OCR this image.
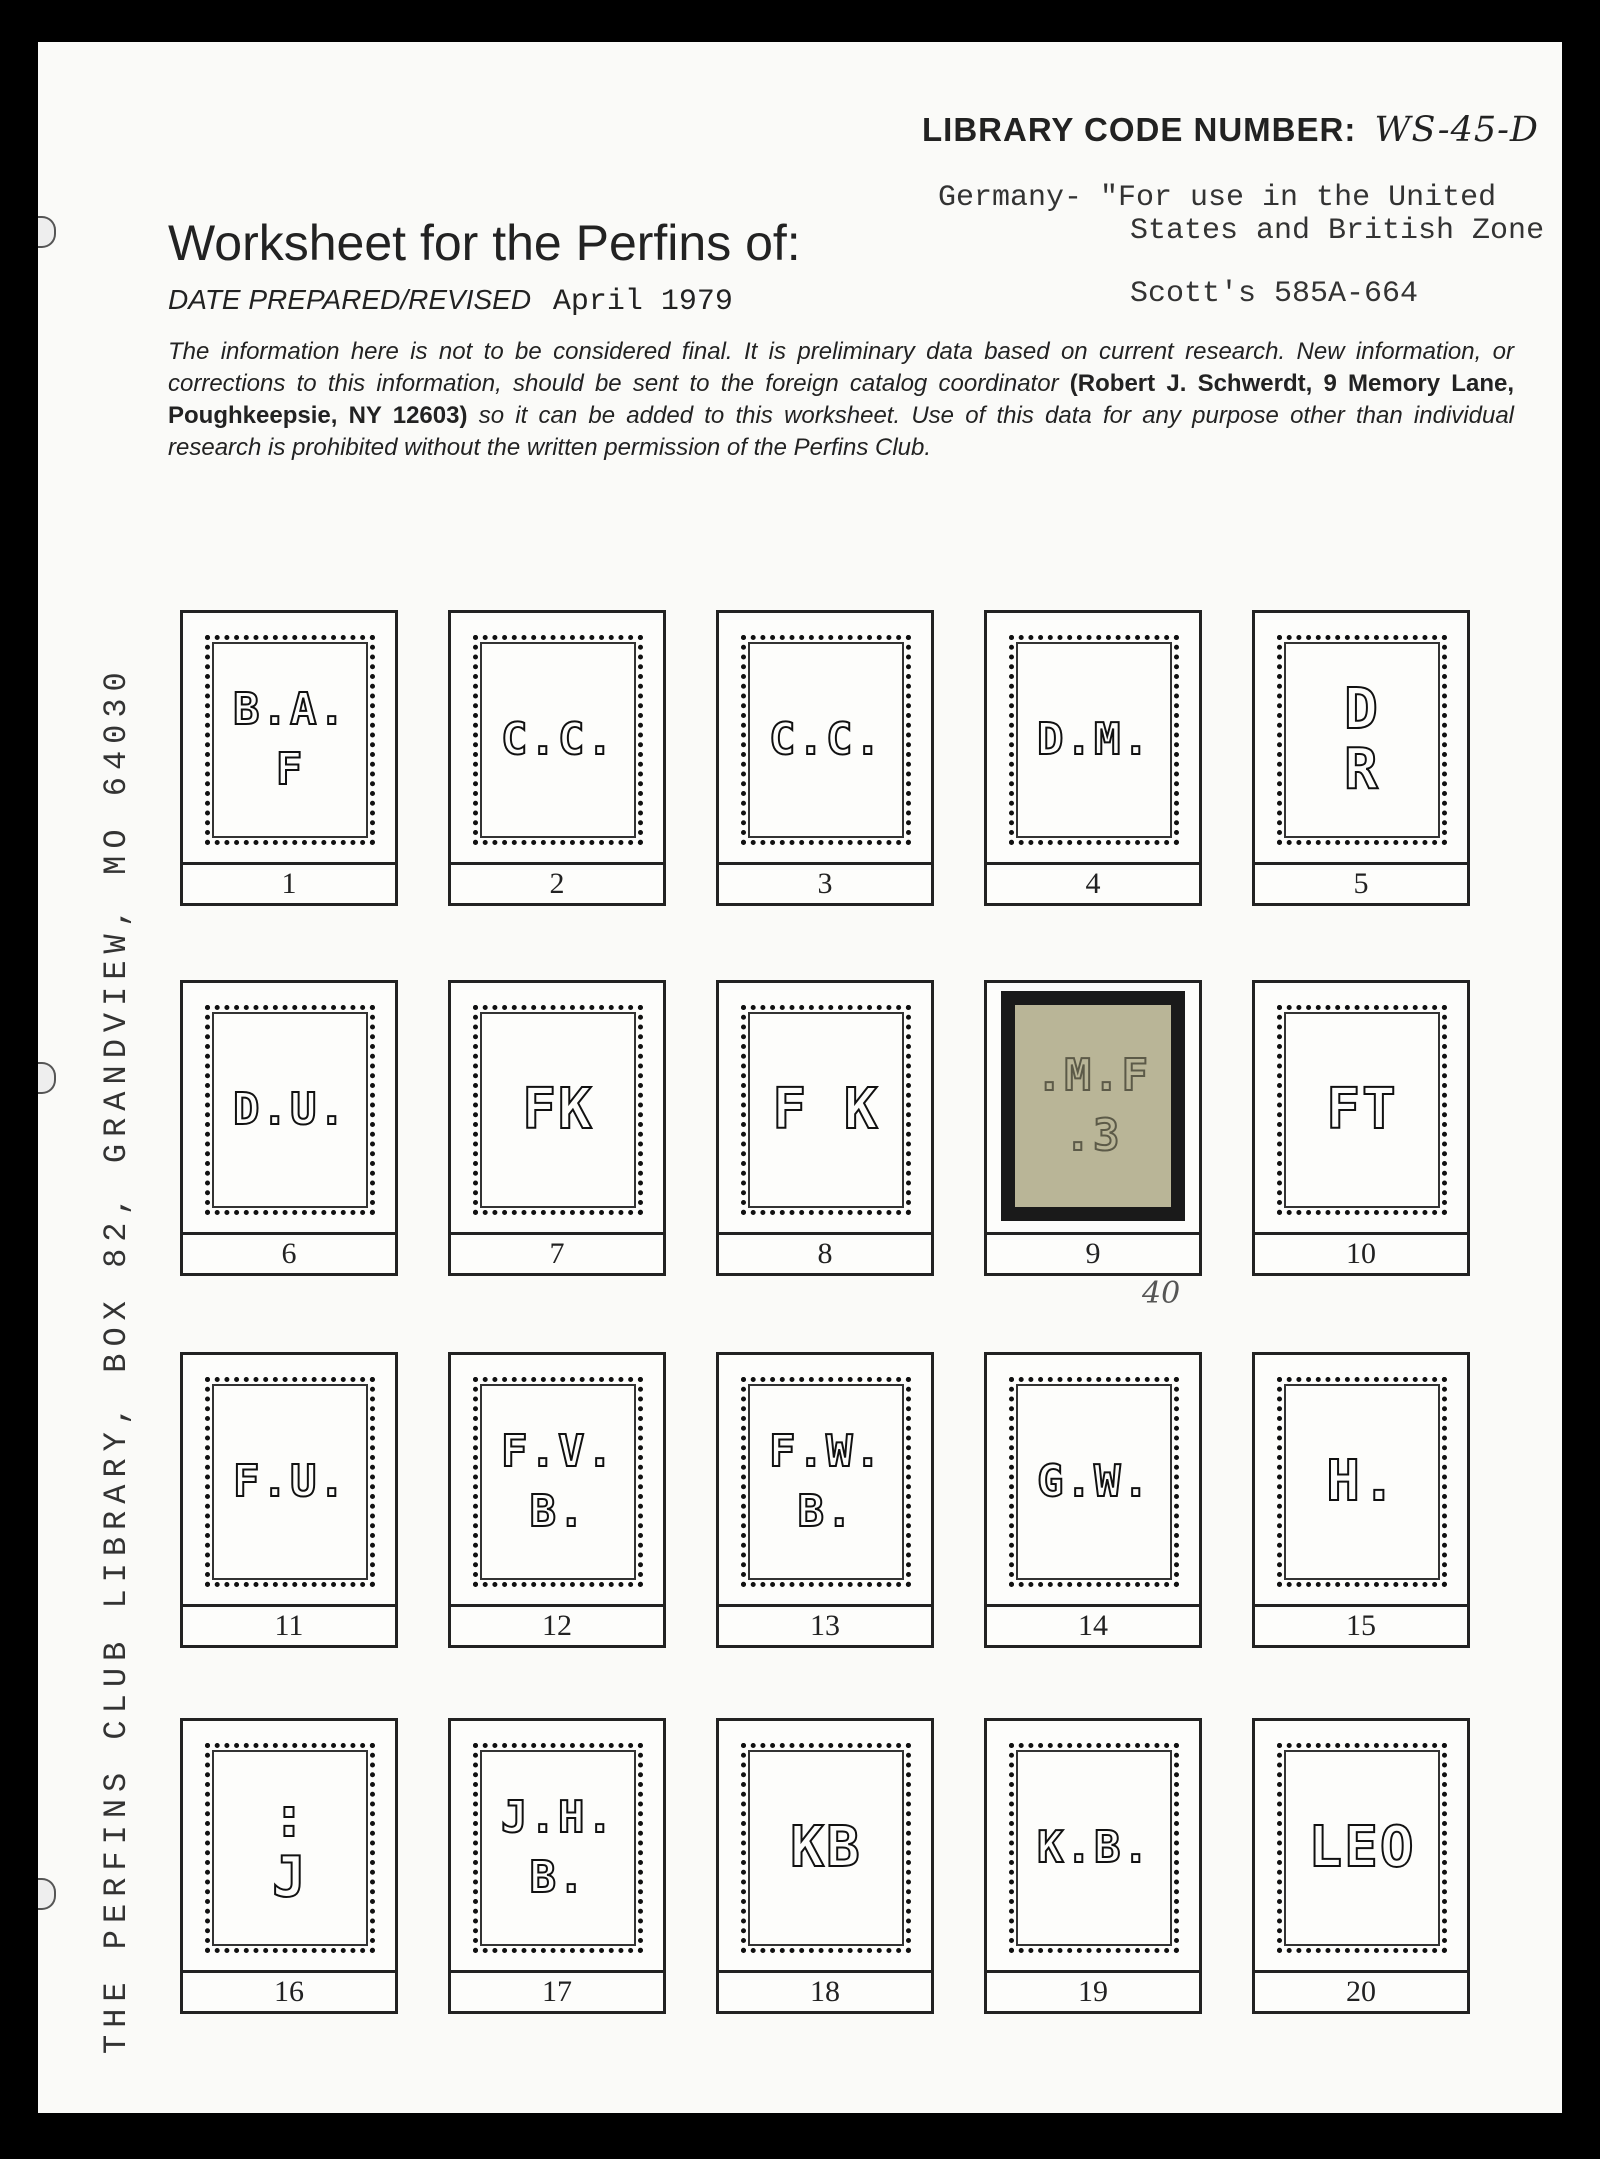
LIBRARY CODE NUMBER: WS-45-D
Worksheet for the Perfins of:
Germany- "For use in the United
States and British Zone
Scott's 585A-664
DATE PREPARED/REVISED April 1979
The information here is not to be considered final. It is preliminary data based on current research. New information, or corrections to this information, should be sent to the foreign catalog coordinator (Robert J. Schwerdt, 9 Memory Lane, Poughkeepsie, NY 12603) so it can be added to this worksheet. Use of this data for any purpose other than individual research is prohibited without the written permission of the Perfins Club.
THE PERFINS CLUB LIBRARY, BOX 82, GRANDVIEW, MO 64030	B.A.
F
1
C.C.
2
C.C.
3
D.M.
4
D
R
5
D.U.
6
FK
7
F K
8
.M.F
.3
9
FT
10
F.U.
11
F.V.
B.
12
F.W.
B.
13
G.W.
14
H.
15
:
J
16
J.H.
B.
17
KB
18
K.B.
19
LEO
20
40
